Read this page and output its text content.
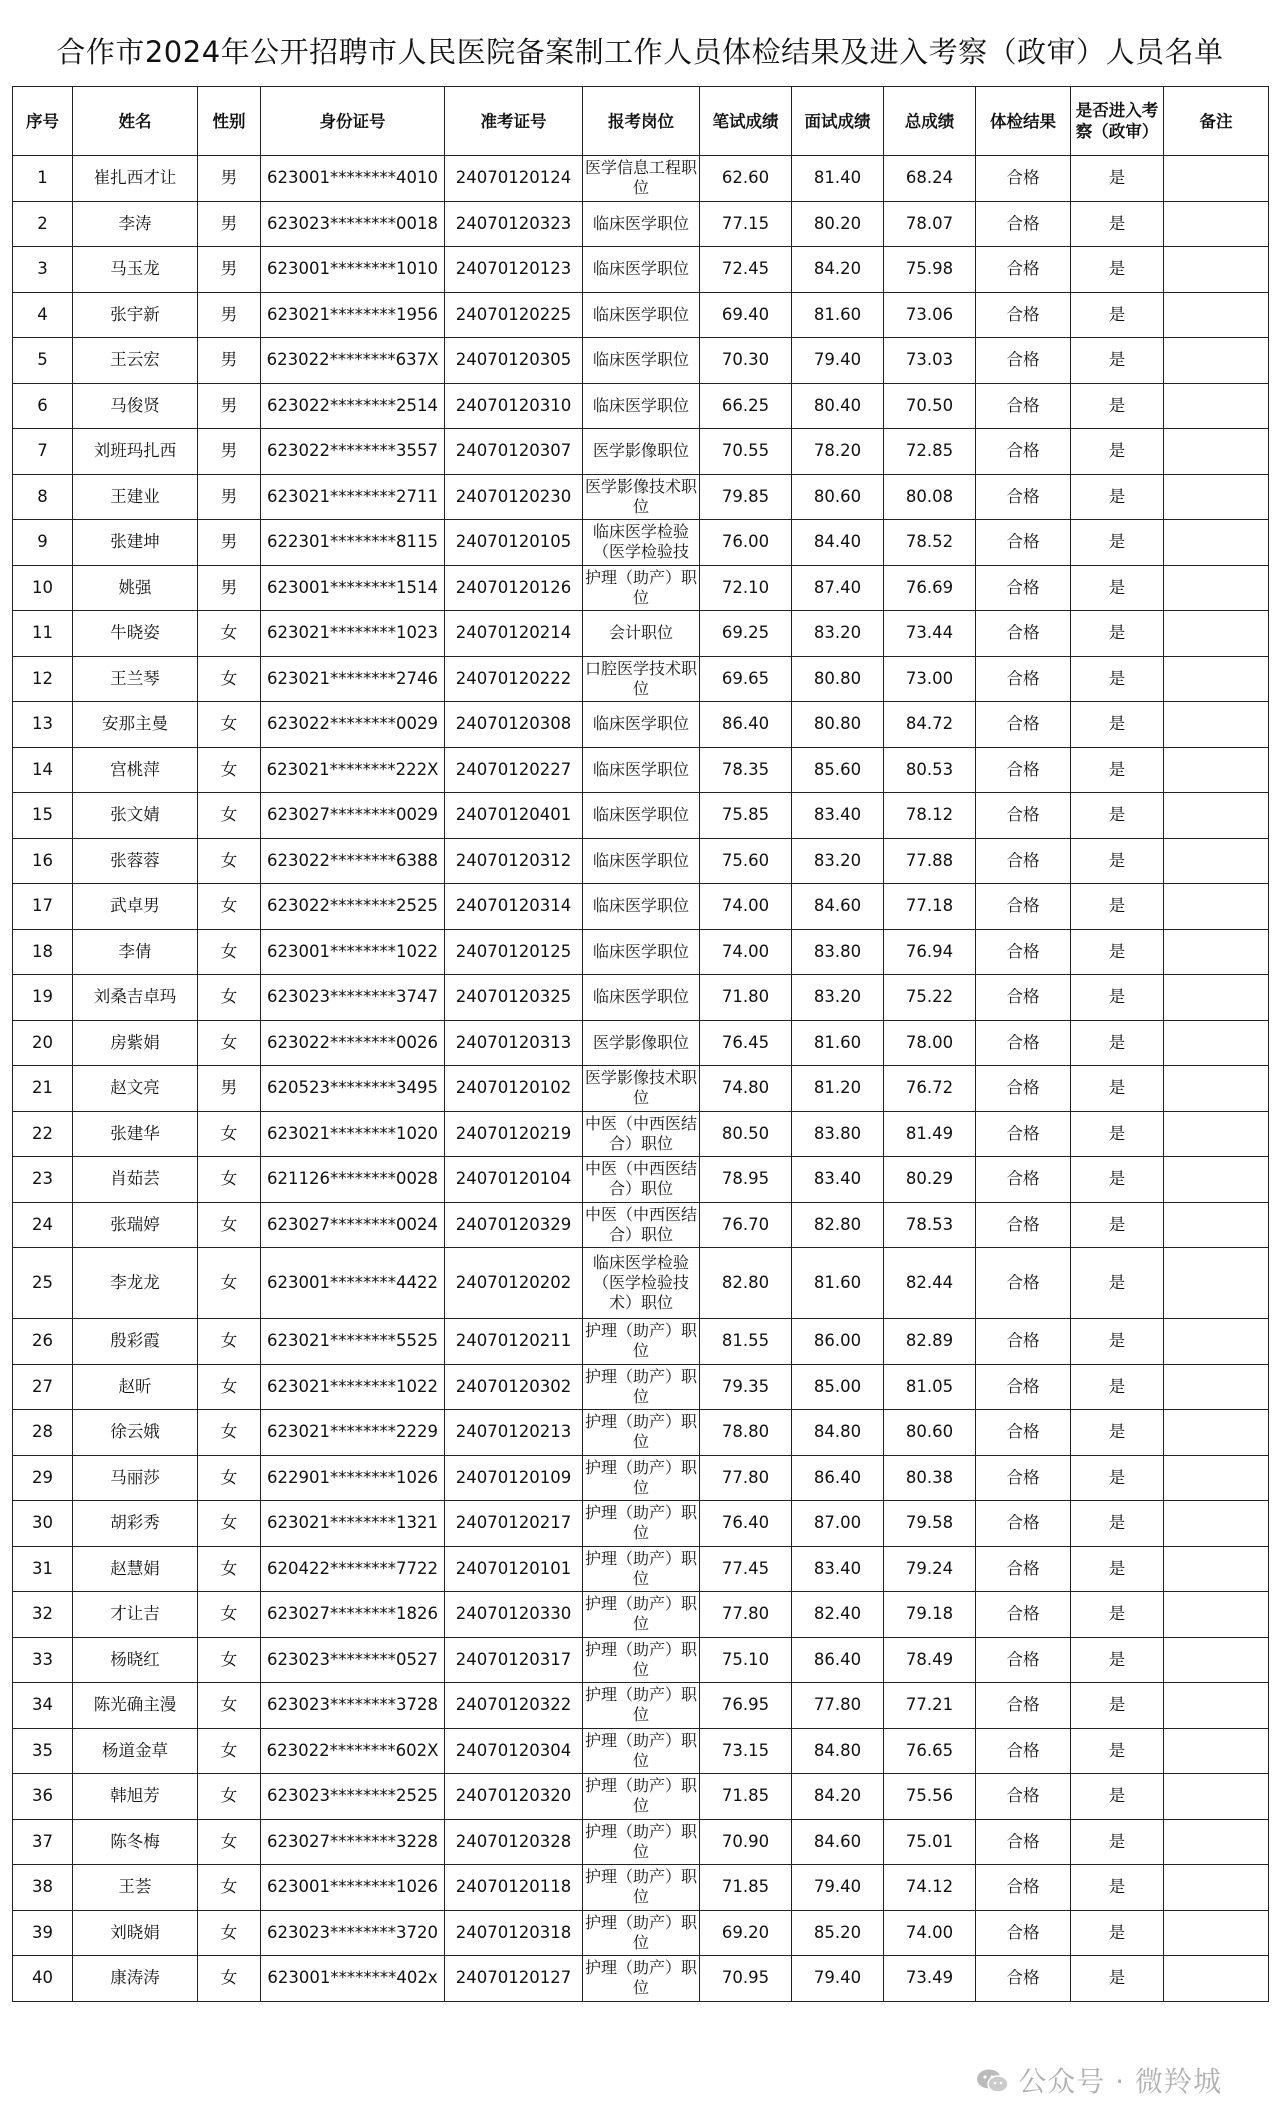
合作市2024年公开招聘市人民医院备案制工作人员体检结果及进入考察（政审）人员名单
序号	姓名	性别	身份证号	准考证号	报考岗位	笔试成绩	面试成绩	总成绩	体检结果	是否进入考察（政审）	备注
1	崔扎西才让	男	623001********4010	24070120124	医学信息工程职位	62.60	81.40	68.24	合格	是	
2	李涛	男	623023********0018	24070120323	临床医学职位	77.15	80.20	78.07	合格	是	
3	马玉龙	男	623001********1010	24070120123	临床医学职位	72.45	84.20	75.98	合格	是	
4	张宇新	男	623021********1956	24070120225	临床医学职位	69.40	81.60	73.06	合格	是	
5	王云宏	男	623022********637X	24070120305	临床医学职位	70.30	79.40	73.03	合格	是	
6	马俊贤	男	623022********2514	24070120310	临床医学职位	66.25	80.40	70.50	合格	是	
7	刘班玛扎西	男	623022********3557	24070120307	医学影像职位	70.55	78.20	72.85	合格	是	
8	王建业	男	623021********2711	24070120230	医学影像技术职位	79.85	80.60	80.08	合格	是	
9	张建坤	男	622301********8115	24070120105	临床医学检验（医学检验技	76.00	84.40	78.52	合格	是	
10	姚强	男	623001********1514	24070120126	护理（助产）职位	72.10	87.40	76.69	合格	是	
11	牛晓姿	女	623021********1023	24070120214	会计职位	69.25	83.20	73.44	合格	是	
12	王兰琴	女	623021********2746	24070120222	口腔医学技术职位	69.65	80.80	73.00	合格	是	
13	安那主曼	女	623022********0029	24070120308	临床医学职位	86.40	80.80	84.72	合格	是	
14	宫桃萍	女	623021********222X	24070120227	临床医学职位	78.35	85.60	80.53	合格	是	
15	张文婧	女	623027********0029	24070120401	临床医学职位	75.85	83.40	78.12	合格	是	
16	张蓉蓉	女	623022********6388	24070120312	临床医学职位	75.60	83.20	77.88	合格	是	
17	武卓男	女	623022********2525	24070120314	临床医学职位	74.00	84.60	77.18	合格	是	
18	李倩	女	623001********1022	24070120125	临床医学职位	74.00	83.80	76.94	合格	是	
19	刘桑吉卓玛	女	623023********3747	24070120325	临床医学职位	71.80	83.20	75.22	合格	是	
20	房紫娟	女	623022********0026	24070120313	医学影像职位	76.45	81.60	78.00	合格	是	
21	赵文亮	男	620523********3495	24070120102	医学影像技术职位	74.80	81.20	76.72	合格	是	
22	张建华	女	623021********1020	24070120219	中医（中西医结合）职位	80.50	83.80	81.49	合格	是	
23	肖茹芸	女	621126********0028	24070120104	中医（中西医结合）职位	78.95	83.40	80.29	合格	是	
24	张瑞婷	女	623027********0024	24070120329	中医（中西医结合）职位	76.70	82.80	78.53	合格	是	
25	李龙龙	女	623001********4422	24070120202	临床医学检验（医学检验技术）职位	82.80	81.60	82.44	合格	是	
26	殷彩霞	女	623021********5525	24070120211	护理（助产）职位	81.55	86.00	82.89	合格	是	
27	赵昕	女	623021********1022	24070120302	护理（助产）职位	79.35	85.00	81.05	合格	是	
28	徐云娥	女	623021********2229	24070120213	护理（助产）职位	78.80	84.80	80.60	合格	是	
29	马丽莎	女	622901********1026	24070120109	护理（助产）职位	77.80	86.40	80.38	合格	是	
30	胡彩秀	女	623021********1321	24070120217	护理（助产）职位	76.40	87.00	79.58	合格	是	
31	赵慧娟	女	620422********7722	24070120101	护理（助产）职位	77.45	83.40	79.24	合格	是	
32	才让吉	女	623027********1826	24070120330	护理（助产）职位	77.80	82.40	79.18	合格	是	
33	杨晓红	女	623023********0527	24070120317	护理（助产）职位	75.10	86.40	78.49	合格	是	
34	陈光确主漫	女	623023********3728	24070120322	护理（助产）职位	76.95	77.80	77.21	合格	是	
35	杨道金草	女	623022********602X	24070120304	护理（助产）职位	73.15	84.80	76.65	合格	是	
36	韩旭芳	女	623023********2525	24070120320	护理（助产）职位	71.85	84.20	75.56	合格	是	
37	陈冬梅	女	623027********3228	24070120328	护理（助产）职位	70.90	84.60	75.01	合格	是	
38	王荟	女	623001********1026	24070120118	护理（助产）职位	71.85	79.40	74.12	合格	是	
39	刘晓娟	女	623023********3720	24070120318	护理（助产）职位	69.20	85.20	74.00	合格	是	
40	康涛涛	女	623001********402x	24070120127	护理（助产）职位	70.95	79.40	73.49	合格	是	
公众号 · 微羚城
